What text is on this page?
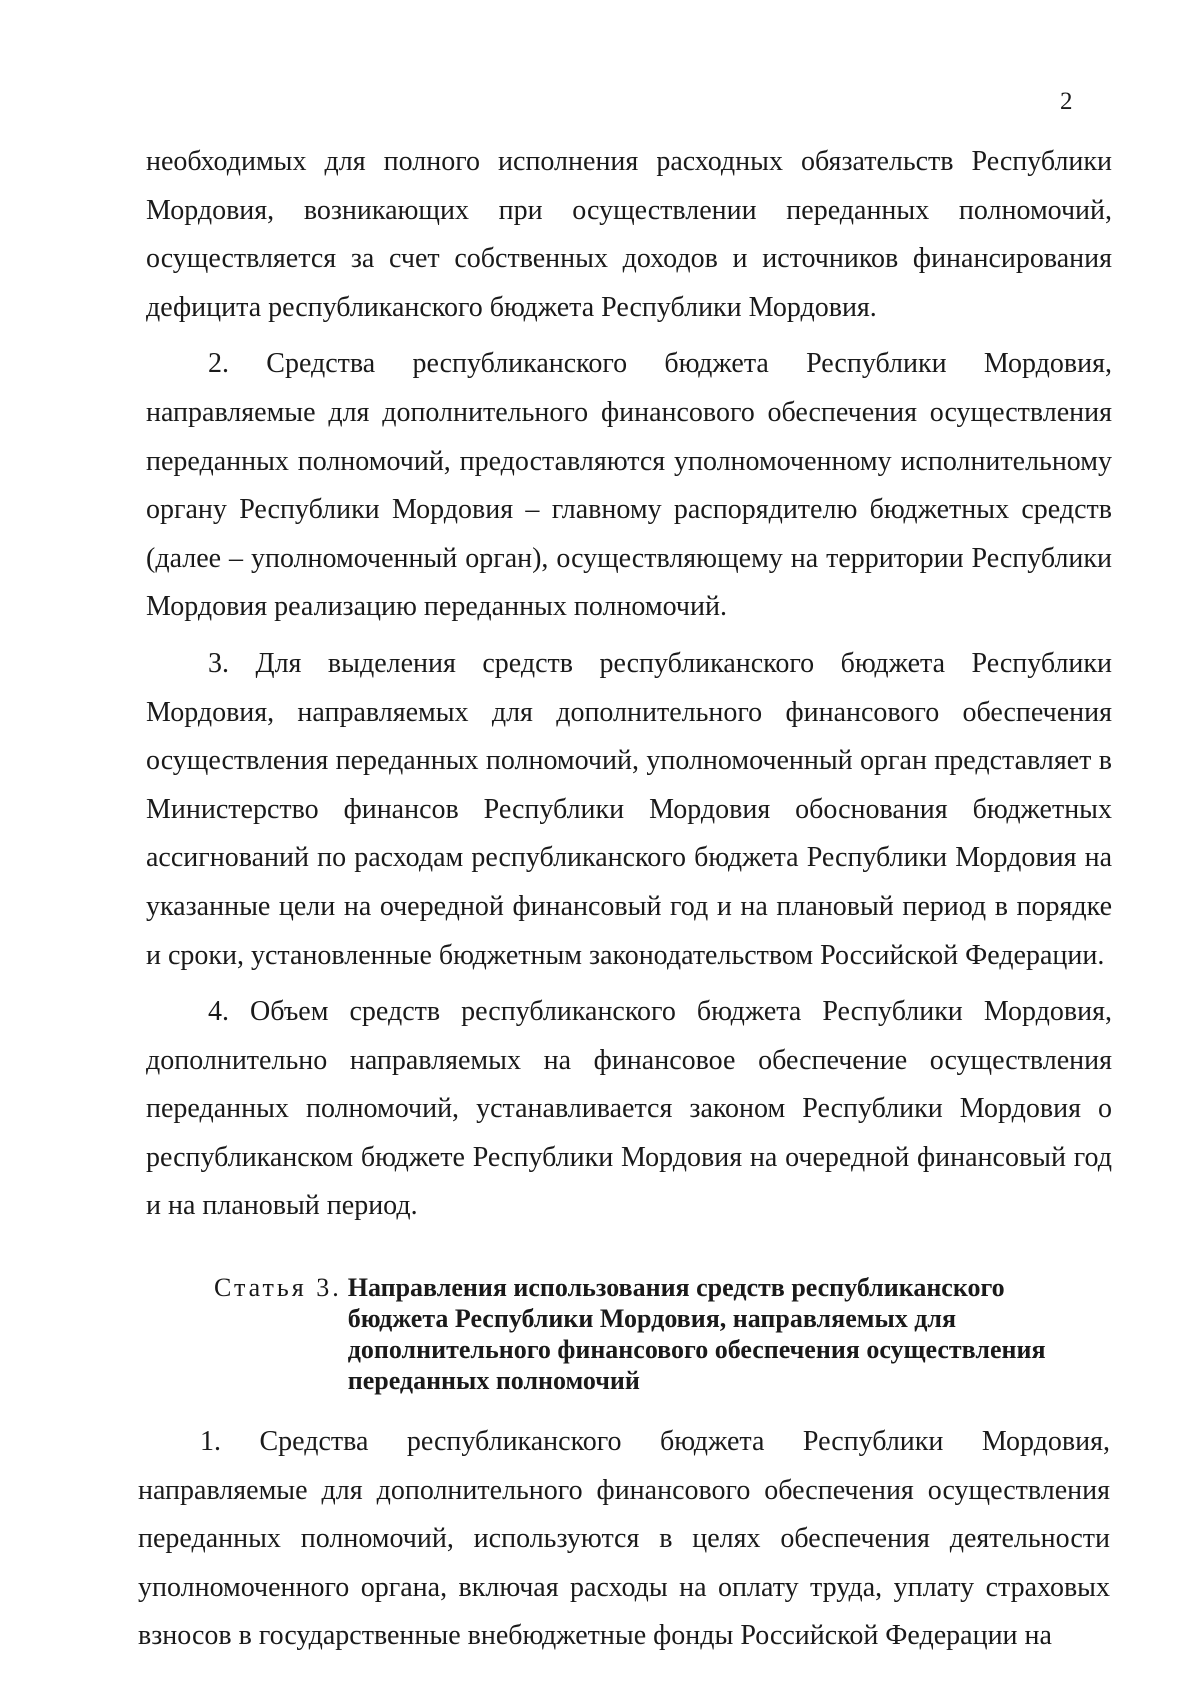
2

необходимых для полного исполнения расходных обязательств Республики Мордовия, возникающих при осуществлении переданных полномочий, осуществляется за счет собственных доходов и источников финансирования дефицита республиканского бюджета Республики Мордовия.

2. Средства республиканского бюджета Республики Мордовия, направляемые для дополнительного финансового обеспечения осуществления переданных полномочий, предоставляются уполномоченному исполнительному органу Республики Мордовия – главному распорядителю бюджетных средств (далее – уполномоченный орган), осуществляющему на территории Республики Мордовия реализацию переданных полномочий.

3. Для выделения средств республиканского бюджета Республики Мордовия, направляемых для дополнительного финансового обеспечения осуществления переданных полномочий, уполномоченный орган представляет в Министерство финансов Республики Мордовия обоснования бюджетных ассигнований по расходам республиканского бюджета Республики Мордовия на указанные цели на очередной финансовый год и на плановый период в порядке и сроки, установленные бюджетным законодательством Российской Федерации.

4. Объем средств республиканского бюджета Республики Мордовия, дополнительно направляемых на финансовое обеспечение осуществления переданных полномочий, устанавливается законом Республики Мордовия о республиканском бюджете Республики Мордовия на очередной финансовый год и на плановый период.

Статья 3. Направления использования средств республиканского бюджета Республики Мордовия, направляемых для дополнительного финансового обеспечения осуществления переданных полномочий

1. Средства республиканского бюджета Республики Мордовия, направляемые для дополнительного финансового обеспечения осуществления переданных полномочий, используются в целях обеспечения деятельности уполномоченного органа, включая расходы на оплату труда, уплату страховых взносов в государственные внебюджетные фонды Российской Федерации на
